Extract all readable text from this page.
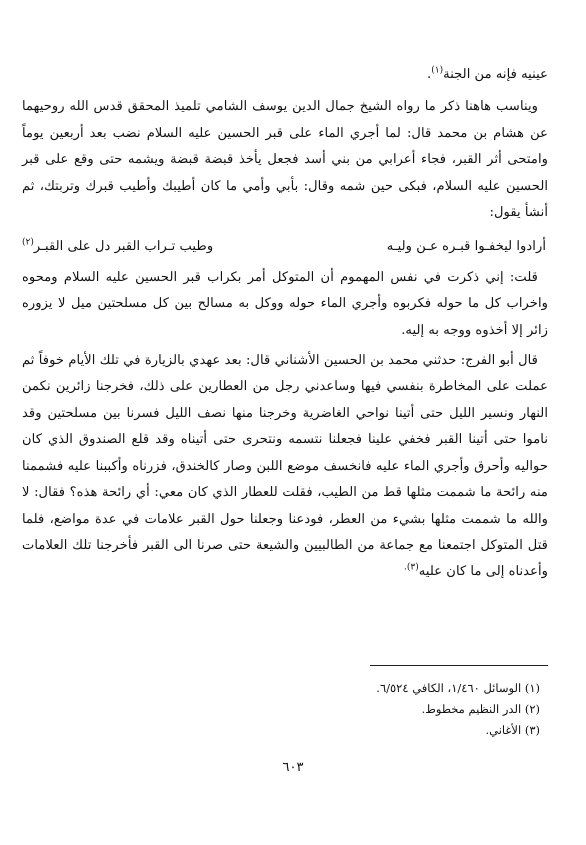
عينيه فإنه من الجنة$^{(١)}$.

ويناسب هاهنا ذكر ما رواه الشيخ جمال الدين يوسف الشامي تلميذ المحقق قدس الله روحيهما عن هشام بن محمد قال: لما أجري الماء على قبر الحسين عليه السلام نضب بعد أربعين يوماً وامتحى أثر القبر، فجاء أعرابي من بني أسد فجعل يأخذ قبضة قبضة ويشمه حتى وقع على قبر الحسين عليه السلام، فبكى حين شمه وقال: بأبي وأمي ما كان أطيبك وأطيب قبرك وتربتك، ثم أنشأ يقول:

أرادوا ليخفـوا قبـره عـن وليـه
وطيب تـراب القبر دل على القبـر$^{(٢)}$

قلت: إني ذكرت في نفس المهموم أن المتوكل أمر بكراب قبر الحسين عليه السلام ومحوه واخراب كل ما حوله فكربوه وأجري الماء حوله ووكل به مسالح بين كل مسلحتين ميل لا يزوره زائر إلا أخذوه ووجه به إليه.

قال أبو الفرج: حدثني محمد بن الحسين الأشناني قال: بعد عهدي بالزيارة في تلك الأيام خوفاً ثم عملت على المخاطرة بنفسي فيها وساعدني رجل من العطارين على ذلك، فخرجنا زائرين نكمن النهار ونسير الليل حتى أتينا نواحي الغاضرية وخرجنا منها نصف الليل فسرنا بين مسلحتين وقد ناموا حتى أتينا القبر فخفي علينا فجعلنا نتسمه ونتحرى حتى أتيناه وقد قلع الصندوق الذي كان حواليه وأحرق وأجري الماء عليه فانخسف موضع اللبن وصار كالخندق، فزرناه وأكببنا عليه فشممنا منه رائحة ما شممت مثلها قط من الطيب، فقلت للعطار الذي كان معي: أي رائحة هذه؟ فقال: لا والله ما شممت مثلها بشيء من العطر، فودعنا وجعلنا حول القبر علامات في عدة مواضع، فلما قتل المتوكل اجتمعنا مع جماعة من الطالبيين والشيعة حتى صرنا الى القبر فأخرجنا تلك العلامات وأعدناه إلى ما كان عليه$^{(٣).}$

(١) الوسائل ١/٤٦٠، الكافي ٦/٥٢٤.

(٢) الدر النظيم مخطوط.

(٣) الأغاني.

٦٠٣
